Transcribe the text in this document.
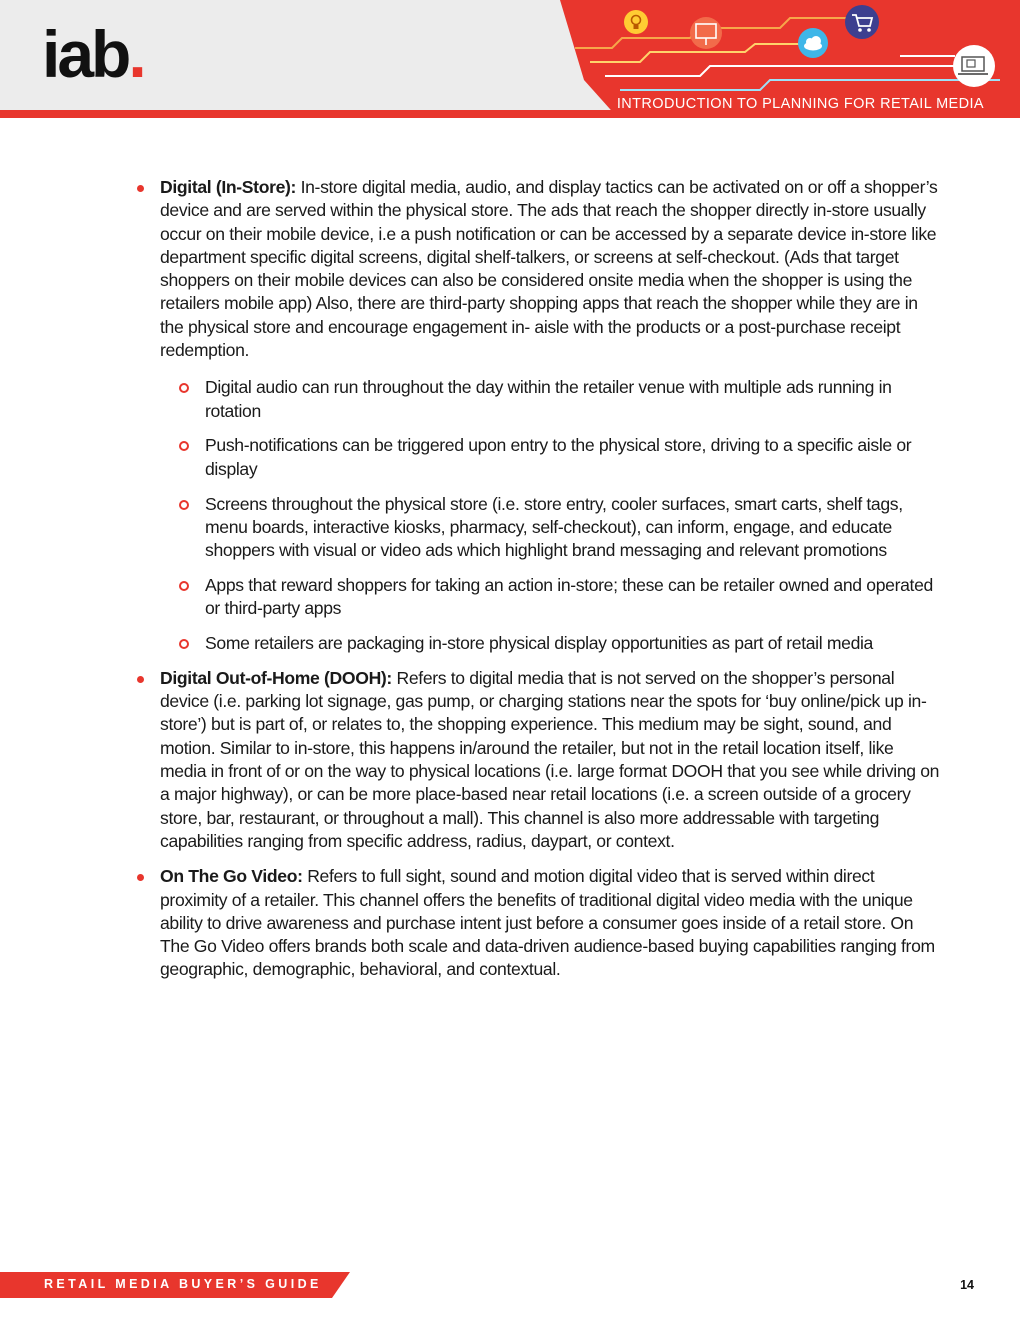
iab.
INTRODUCTION TO PLANNING FOR RETAIL MEDIA
Digital (In-Store): In-store digital media, audio, and display tactics can be activated on or off a shopper’s device and are served within the physical store. The ads that reach the shopper directly in-store usually occur on their mobile device, i.e a push notification or can be accessed by a separate device in-store like department specific digital screens, digital shelf-talkers, or screens at self-checkout. (Ads that target shoppers on their mobile devices can also be considered onsite media when the shopper is using the retailers mobile app) Also, there are third-party shopping apps that reach the shopper while they are in the physical store and encourage engagement in- aisle with the products or a post-purchase receipt redemption.
Digital audio can run throughout the day within the retailer venue with multiple ads running in rotation
Push-notifications can be triggered upon entry to the physical store, driving to a specific aisle or display
Screens throughout the physical store (i.e. store entry, cooler surfaces, smart carts, shelf tags, menu boards, interactive kiosks, pharmacy, self-checkout), can inform, engage, and educate shoppers with visual or video ads which highlight brand messaging and relevant promotions
Apps that reward shoppers for taking an action in-store; these can be retailer owned and operated or third-party apps
Some retailers are packaging in-store physical display opportunities as part of retail media
Digital Out-of-Home (DOOH): Refers to digital media that is not served on the shopper’s personal device (i.e. parking lot signage, gas pump, or charging stations near the spots for ‘buy online/pick up in-store’) but is part of, or relates to, the shopping experience. This medium may be sight, sound, and motion. Similar to in-store, this happens in/around the retailer, but not in the retail location itself, like media in front of or on the way to physical locations (i.e. large format DOOH that you see while driving on a major highway), or can be more place-based near retail locations (i.e. a screen outside of a grocery store, bar, restaurant, or throughout a mall). This channel is also more addressable with targeting capabilities ranging from specific address, radius, daypart, or context.
On The Go Video: Refers to full sight, sound and motion digital video that is served within direct proximity of a retailer. This channel offers the benefits of traditional digital video media with the unique ability to drive awareness and purchase intent just before a consumer goes inside of a retail store. On The Go Video offers brands both scale and data-driven audience-based buying capabilities ranging from geographic, demographic, behavioral, and contextual.
RETAIL MEDIA BUYER’S GUIDE	14
